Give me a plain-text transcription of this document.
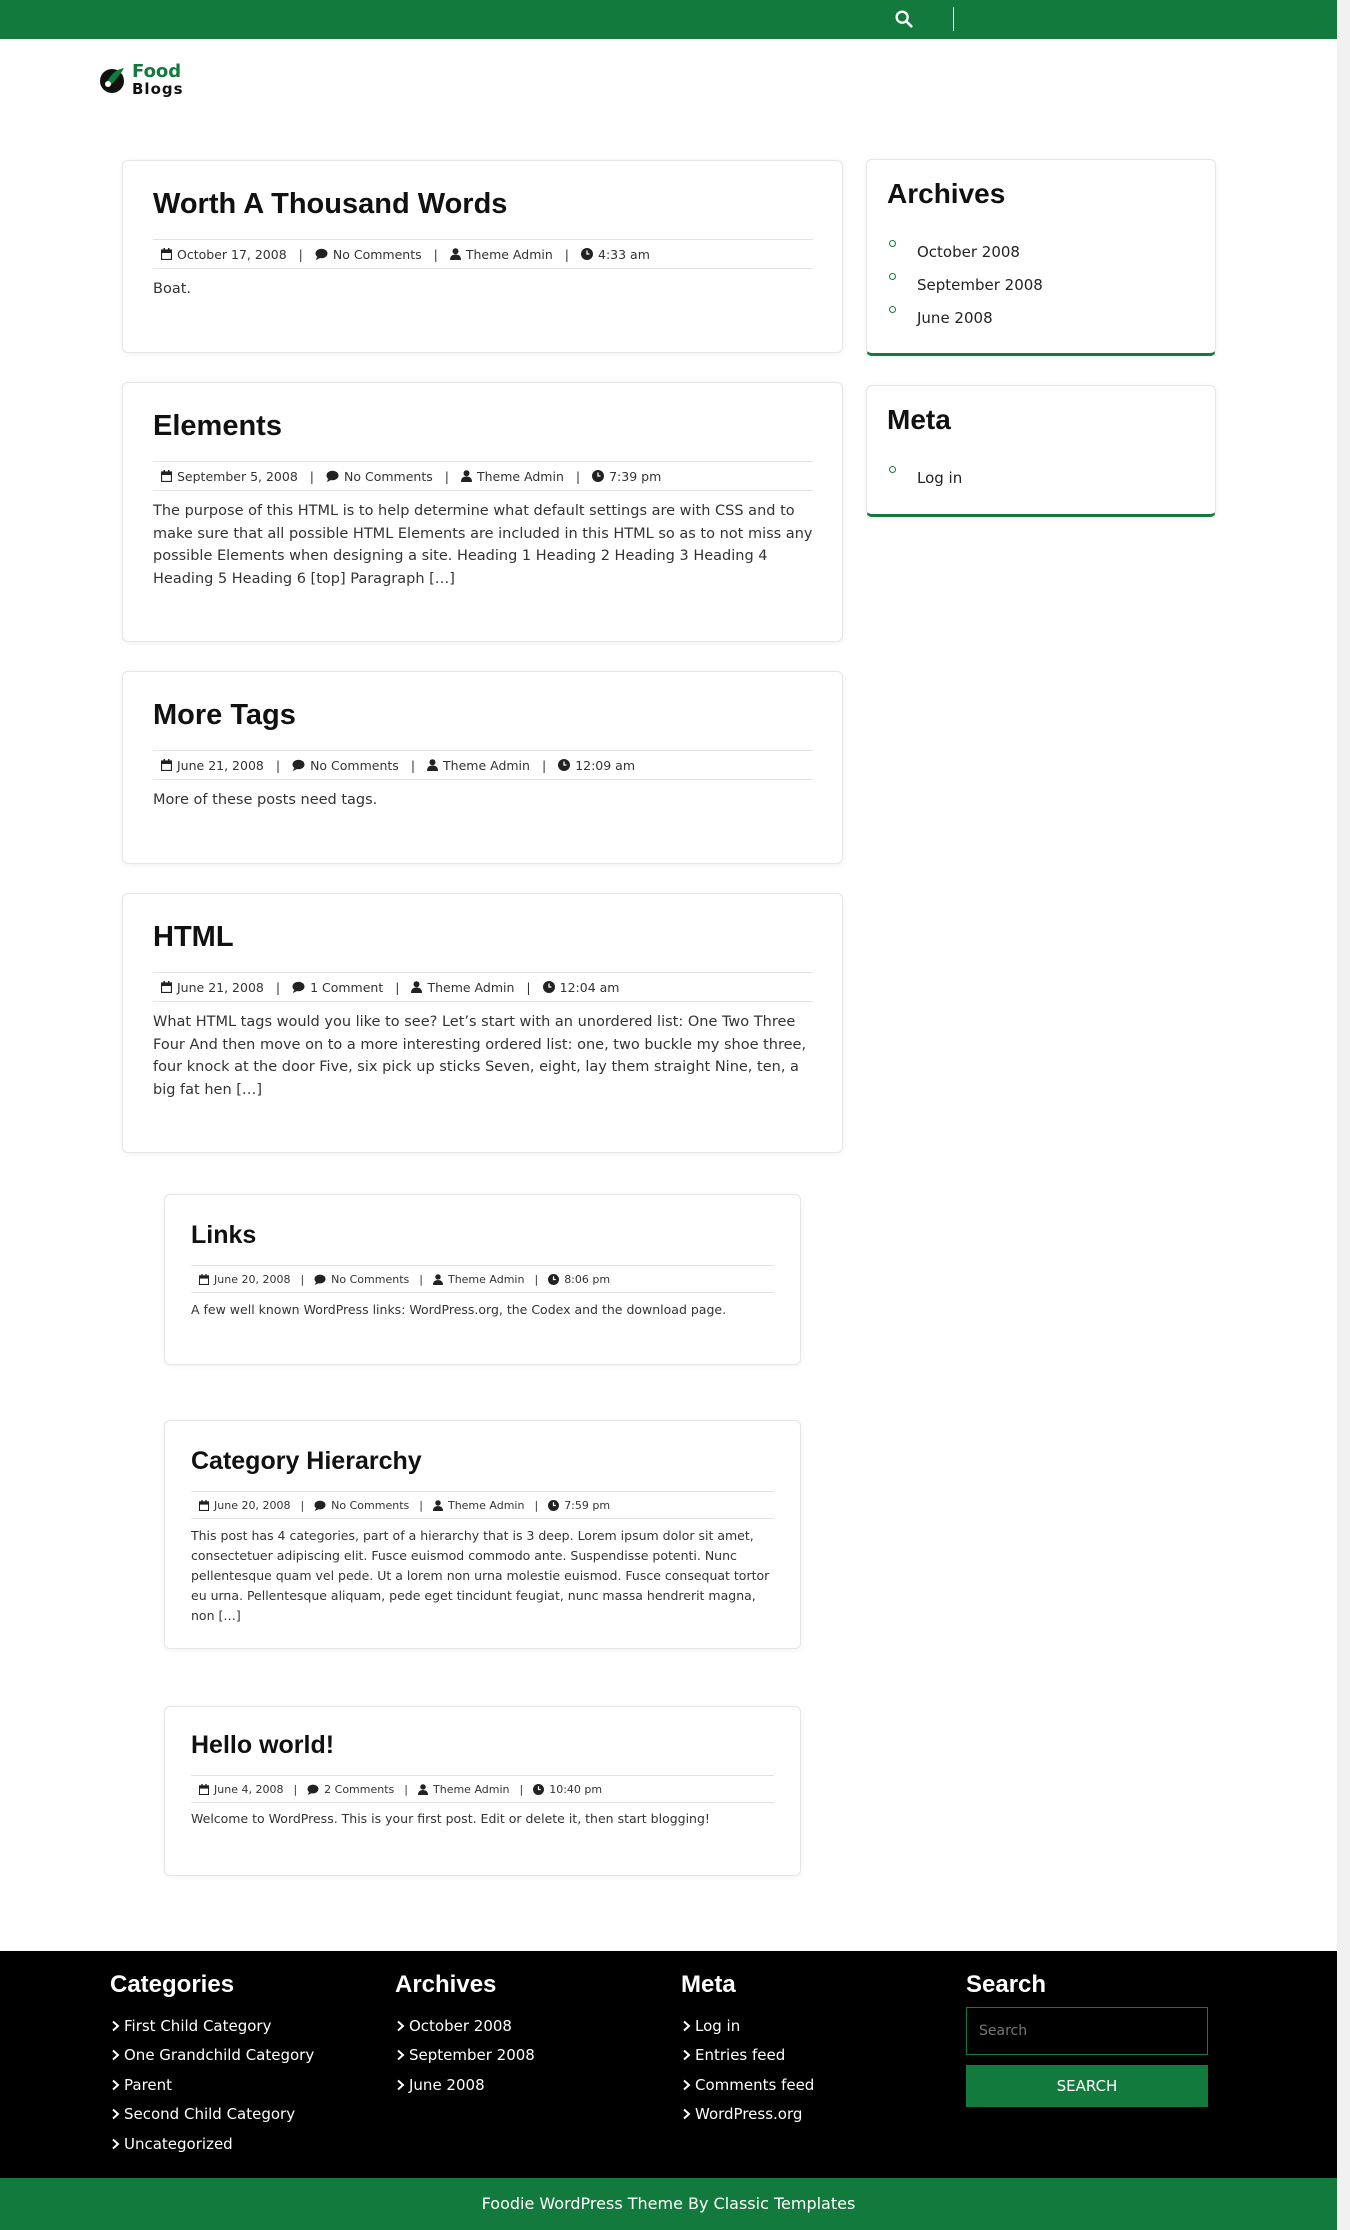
Food
Blogs
Worth A Thousand Words
October 17, 2008 | No Comments | Theme Admin | 4:33 am

Boat.

Elements
September 5, 2008 | No Comments | Theme Admin | 7:39 pm

The purpose of this HTML is to help determine what default settings are with CSS and to make sure that all possible HTML Elements are included in this HTML so as to not miss any possible Elements when designing a site. Heading 1 Heading 2 Heading 3 Heading 4 Heading 5 Heading 6 [top] Paragraph […]

More Tags
June 21, 2008 | No Comments | Theme Admin | 12:09 am

More of these posts need tags.

HTML
June 21, 2008 | 1 Comment | Theme Admin | 12:04 am

What HTML tags would you like to see? Let’s start with an unordered list: One Two Three Four And then move on to a more interesting ordered list: one, two buckle my shoe three, four knock at the door Five, six pick up sticks Seven, eight, lay them straight Nine, ten, a big fat hen […]

Links
June 20, 2008 | No Comments | Theme Admin | 8:06 pm

A few well known WordPress links: WordPress.org, the Codex and the download page.

Category Hierarchy
June 20, 2008 | No Comments | Theme Admin | 7:59 pm

This post has 4 categories, part of a hierarchy that is 3 deep. Lorem ipsum dolor sit amet, consectetuer adipiscing elit. Fusce euismod commodo ante. Suspendisse potenti. Nunc pellentesque quam vel pede. Ut a lorem non urna molestie euismod. Fusce consequat tortor eu urna. Pellentesque aliquam, pede eget tincidunt feugiat, nunc massa hendrerit magna, non […]

Hello world!
June 4, 2008 | 2 Comments | Theme Admin | 10:40 pm

Welcome to WordPress. This is your first post. Edit or delete it, then start blogging!

Archives
October 2008
September 2008
June 2008
Meta
Log in
Categories
First Child Category
One Grandchild Category
Parent
Second Child Category
Uncategorized
Archives
October 2008
September 2008
June 2008
Meta
Log in
Entries feed
Comments feed
WordPress.org
Search
Search SEARCH
Foodie WordPress Theme By Classic Templates
